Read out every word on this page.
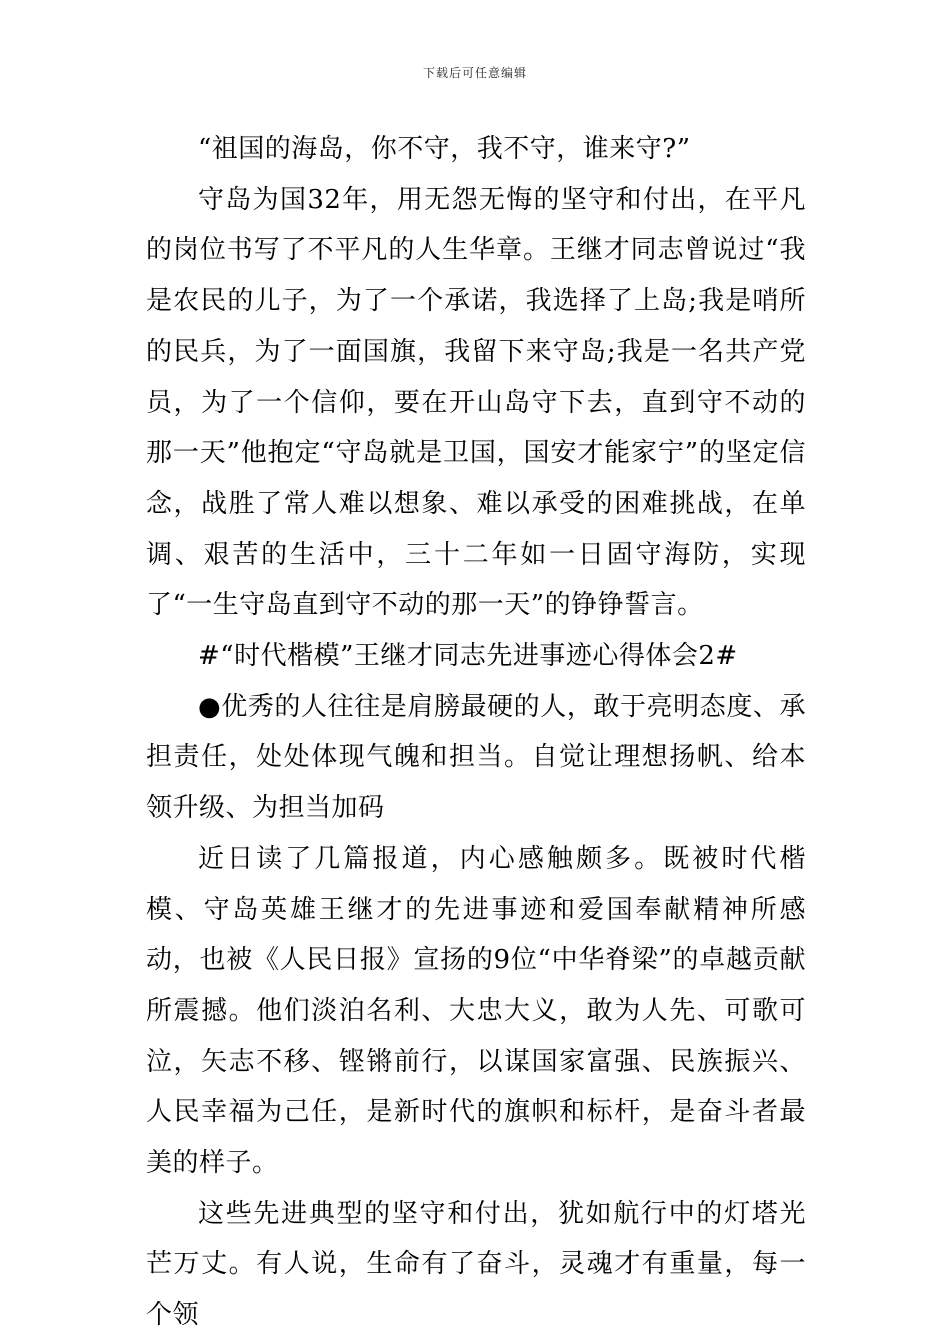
下载后可任意编辑

“祖国的海岛，你不守，我不守，谁来守?”

守岛为国32年，用无怨无悔的坚守和付出，在平凡的岗位书写了不平凡的人生华章。王继才同志曾说过“我是农民的儿子，为了一个承诺，我选择了上岛;我是哨所的民兵，为了一面国旗，我留下来守岛;我是一名共产党员，为了一个信仰，要在开山岛守下去，直到守不动的那一天”他抱定“守岛就是卫国，国安才能家宁”的坚定信念，战胜了常人难以想象、难以承受的困难挑战，在单调、艰苦的生活中，三十二年如一日固守海防，实现了“一生守岛直到守不动的那一天”的铮铮誓言。

#“时代楷模”王继才同志先进事迹心得体会2#

●优秀的人往往是肩膀最硬的人，敢于亮明态度、承担责任，处处体现气魄和担当。自觉让理想扬帆、给本领升级、为担当加码

近日读了几篇报道，内心感触颇多。既被时代楷模、守岛英雄王继才的先进事迹和爱国奉献精神所感动，也被《人民日报》宣扬的9位“中华脊梁”的卓越贡献所震撼。他们淡泊名利、大忠大义，敢为人先、可歌可泣，矢志不移、铿锵前行，以谋国家富强、民族振兴、人民幸福为己任，是新时代的旗帜和标杆，是奋斗者最美的样子。

这些先进典型的坚守和付出，犹如航行中的灯塔光芒万丈。有人说，生命有了奋斗，灵魂才有重量，每一个领
